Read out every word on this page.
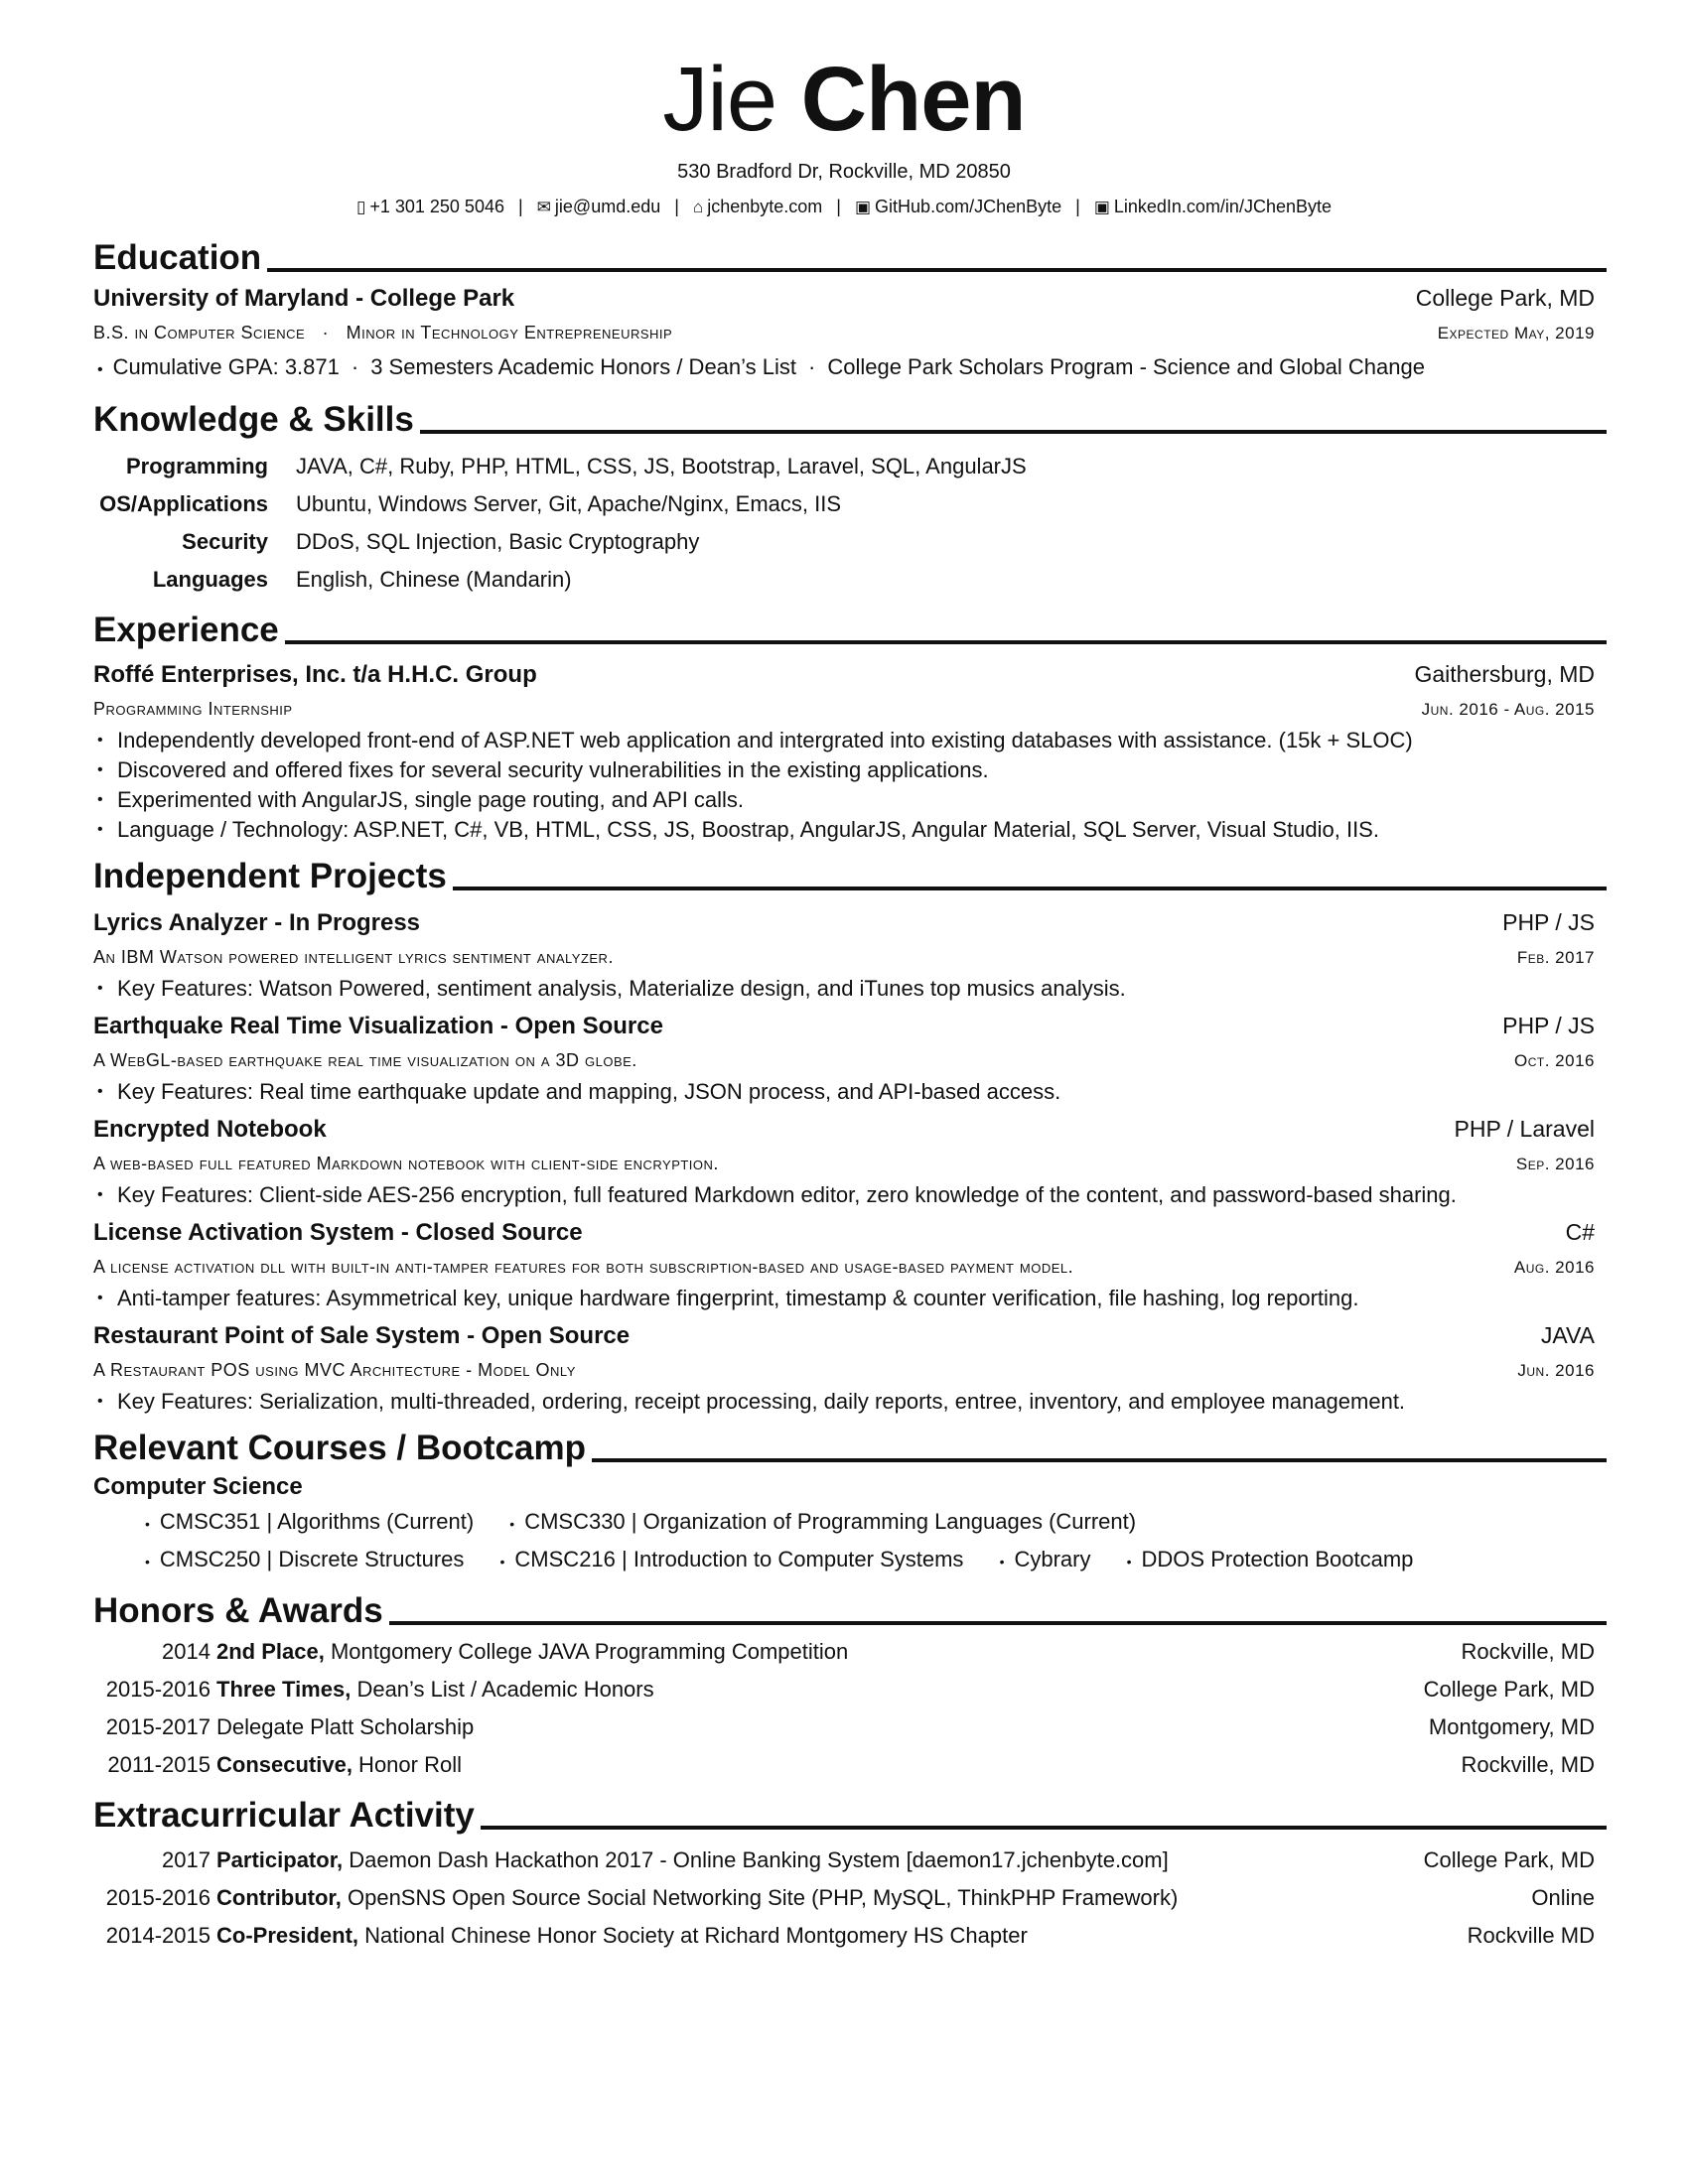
Jie Chen
530 Bradford Dr, Rockville, MD 20850
▯ +1 301 250 5046 | ✉ jie@umd.edu | ⌂ jchenbyte.com | ▣ GitHub.com/JChenByte | ▣ LinkedIn.com/in/JChenByte
Education
University of Maryland - College Park	College Park, MD
B.S. in Computer Science · Minor in Technology Entrepreneurship	Expected May, 2019
• Cumulative GPA: 3.871 · 3 Semesters Academic Honors / Dean’s List · College Park Scholars Program - Science and Global Change
Knowledge & Skills
Programming	JAVA, C#, Ruby, PHP, HTML, CSS, JS, Bootstrap, Laravel, SQL, AngularJS
OS/Applications	Ubuntu, Windows Server, Git, Apache/Nginx, Emacs, IIS
Security	DDoS, SQL Injection, Basic Cryptography
Languages	English, Chinese (Mandarin)
Experience
Roffé Enterprises, Inc. t/a H.H.C. Group	Gaithersburg, MD
Programming Internship	Jun. 2016 - Aug. 2015
• Independently developed front-end of ASP.NET web application and intergrated into existing databases with assistance. (15k + SLOC)
• Discovered and offered fixes for several security vulnerabilities in the existing applications.
• Experimented with AngularJS, single page routing, and API calls.
• Language / Technology: ASP.NET, C#, VB, HTML, CSS, JS, Boostrap, AngularJS, Angular Material, SQL Server, Visual Studio, IIS.
Independent Projects
Lyrics Analyzer - In Progress	PHP / JS
An IBM Watson powered intelligent lyrics sentiment analyzer.	Feb. 2017
• Key Features: Watson Powered, sentiment analysis, Materialize design, and iTunes top musics analysis.
Earthquake Real Time Visualization - Open Source	PHP / JS
A WebGL-based earthquake real time visualization on a 3D globe.	Oct. 2016
• Key Features: Real time earthquake update and mapping, JSON process, and API-based access.
Encrypted Notebook	PHP / Laravel
A web-based full featured Markdown notebook with client-side encryption.	Sep. 2016
• Key Features: Client-side AES-256 encryption, full featured Markdown editor, zero knowledge of the content, and password-based sharing.
License Activation System - Closed Source	C#
A license activation dll with built-in anti-tamper features for both subscription-based and usage-based payment model.	Aug. 2016
• Anti-tamper features: Asymmetrical key, unique hardware fingerprint, timestamp & counter verification, file hashing, log reporting.
Restaurant Point of Sale System - Open Source	JAVA
A Restaurant POS using MVC Architecture - Model Only	Jun. 2016
• Key Features: Serialization, multi-threaded, ordering, receipt processing, daily reports, entree, inventory, and employee management.
Relevant Courses / Bootcamp
Computer Science
• CMSC351 | Algorithms (Current)	• CMSC330 | Organization of Programming Languages (Current)
• CMSC250 | Discrete Structures	• CMSC216 | Introduction to Computer Systems	• Cybrary	• DDOS Protection Bootcamp
Honors & Awards
2014 2nd Place, Montgomery College JAVA Programming Competition	Rockville, MD
2015-2016 Three Times, Dean’s List / Academic Honors	College Park, MD
2015-2017 Delegate Platt Scholarship	Montgomery, MD
2011-2015 Consecutive, Honor Roll	Rockville, MD
Extracurricular Activity
2017 Participator, Daemon Dash Hackathon 2017 - Online Banking System [daemon17.jchenbyte.com]	College Park, MD
2015-2016 Contributor, OpenSNS Open Source Social Networking Site (PHP, MySQL, ThinkPHP Framework)	Online
2014-2015 Co-President, National Chinese Honor Society at Richard Montgomery HS Chapter	Rockville MD
